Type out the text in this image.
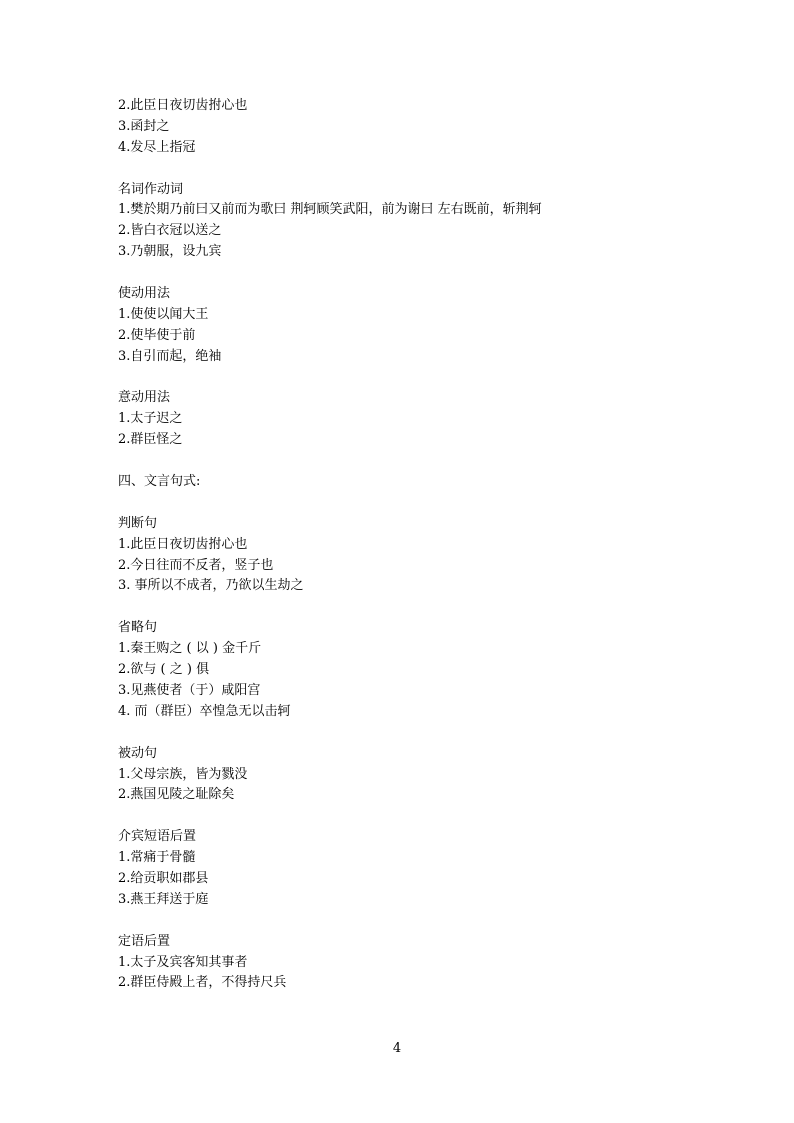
2.此臣日夜切齿拊心也
3.函封之
4.发尽上指冠
名词作动词
1.樊於期乃前曰又前而为歌曰 荆轲顾笑武阳，前为谢曰 左右既前，斩荆轲
2.皆白衣冠以送之
3.乃朝服，设九宾
使动用法
1.使使以闻大王
2.使毕使于前
3.自引而起，绝袖
意动用法
1.太子迟之
2.群臣怪之
四、文言句式:
判断句
1.此臣日夜切齿拊心也
2.今日往而不反者，竖子也
3. 事所以不成者，乃欲以生劫之
省略句
1.秦王购之 ( 以 ) 金千斤
2.欲与 ( 之 ) 俱
3.见燕使者（于）咸阳宫
4. 而（群臣）卒惶急无以击轲
被动句
1.父母宗族，皆为戮没
2.燕国见陵之耻除矣
介宾短语后置
1.常痛于骨髓
2.给贡职如郡县
3.燕王拜送于庭
定语后置
1.太子及宾客知其事者
2.群臣侍殿上者，不得持尺兵
4
